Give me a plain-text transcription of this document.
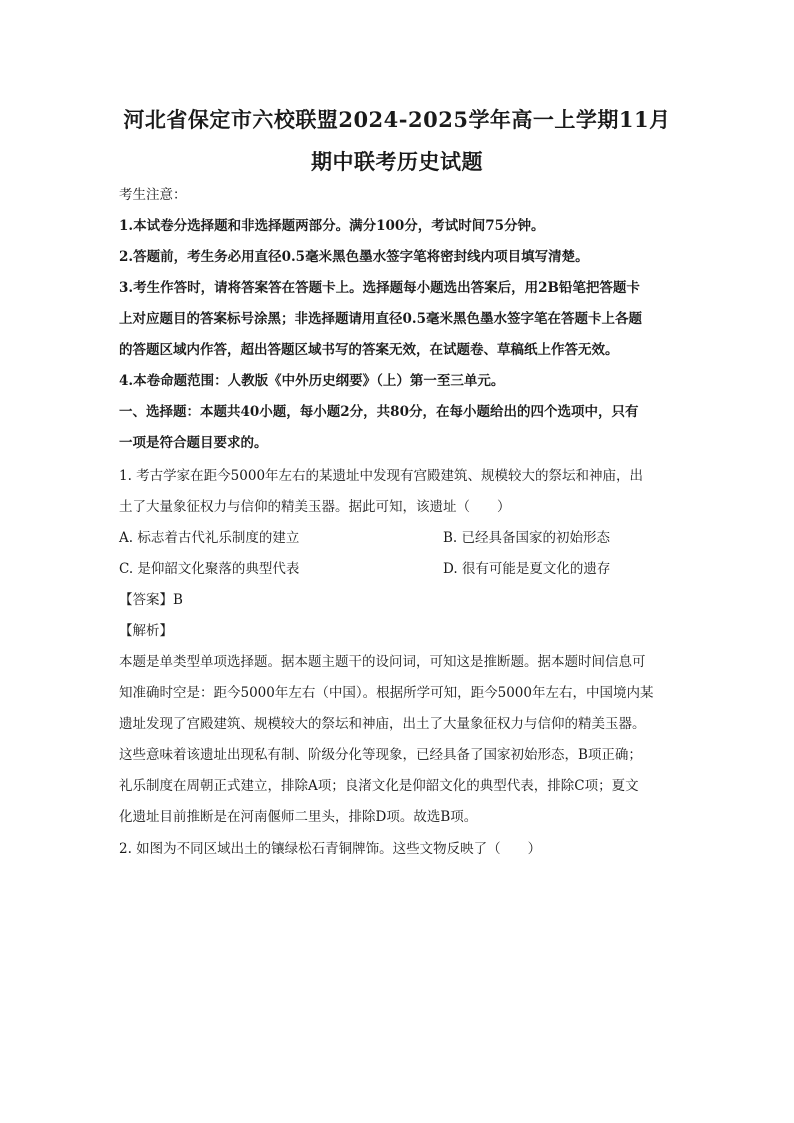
河北省保定市六校联盟2024-2025学年高一上学期11月
期中联考历史试题
考生注意：
1.本试卷分选择题和非选择题两部分。满分100分，考试时间75分钟。
2.答题前，考生务必用直径0.5毫米黑色墨水签字笔将密封线内项目填写清楚。
3.考生作答时，请将答案答在答题卡上。选择题每小题选出答案后，用2B铅笔把答题卡
上对应题目的答案标号涂黑；非选择题请用直径0.5毫米黑色墨水签字笔在答题卡上各题
的答题区域内作答，超出答题区域书写的答案无效，在试题卷、草稿纸上作答无效。
4.本卷命题范围：人教版《中外历史纲要》（上）第一至三单元。
一、选择题：本题共40小题，每小题2分，共80分，在每小题给出的四个选项中，只有
一项是符合题目要求的。
1. 考古学家在距今5000年左右的某遗址中发现有宫殿建筑、规模较大的祭坛和神庙，出
土了大量象征权力与信仰的精美玉器。据此可知，该遗址（　　）
A. 标志着古代礼乐制度的建立	B. 已经具备国家的初始形态
C. 是仰韶文化聚落的典型代表	D. 很有可能是夏文化的遗存
【答案】B
【解析】
本题是单类型单项选择题。据本题主题干的设问词，可知这是推断题。据本题时间信息可
知准确时空是：距今5000年左右（中国）。根据所学可知，距今5000年左右，中国境内某
遗址发现了宫殿建筑、规模较大的祭坛和神庙，出土了大量象征权力与信仰的精美玉器。
这些意味着该遗址出现私有制、阶级分化等现象，已经具备了国家初始形态，B项正确；
礼乐制度在周朝正式建立，排除A项；良渚文化是仰韶文化的典型代表，排除C项；夏文
化遗址目前推断是在河南偃师二里头，排除D项。故选B项。
2. 如图为不同区域出土的镶绿松石青铜牌饰。这些文物反映了（　　）
